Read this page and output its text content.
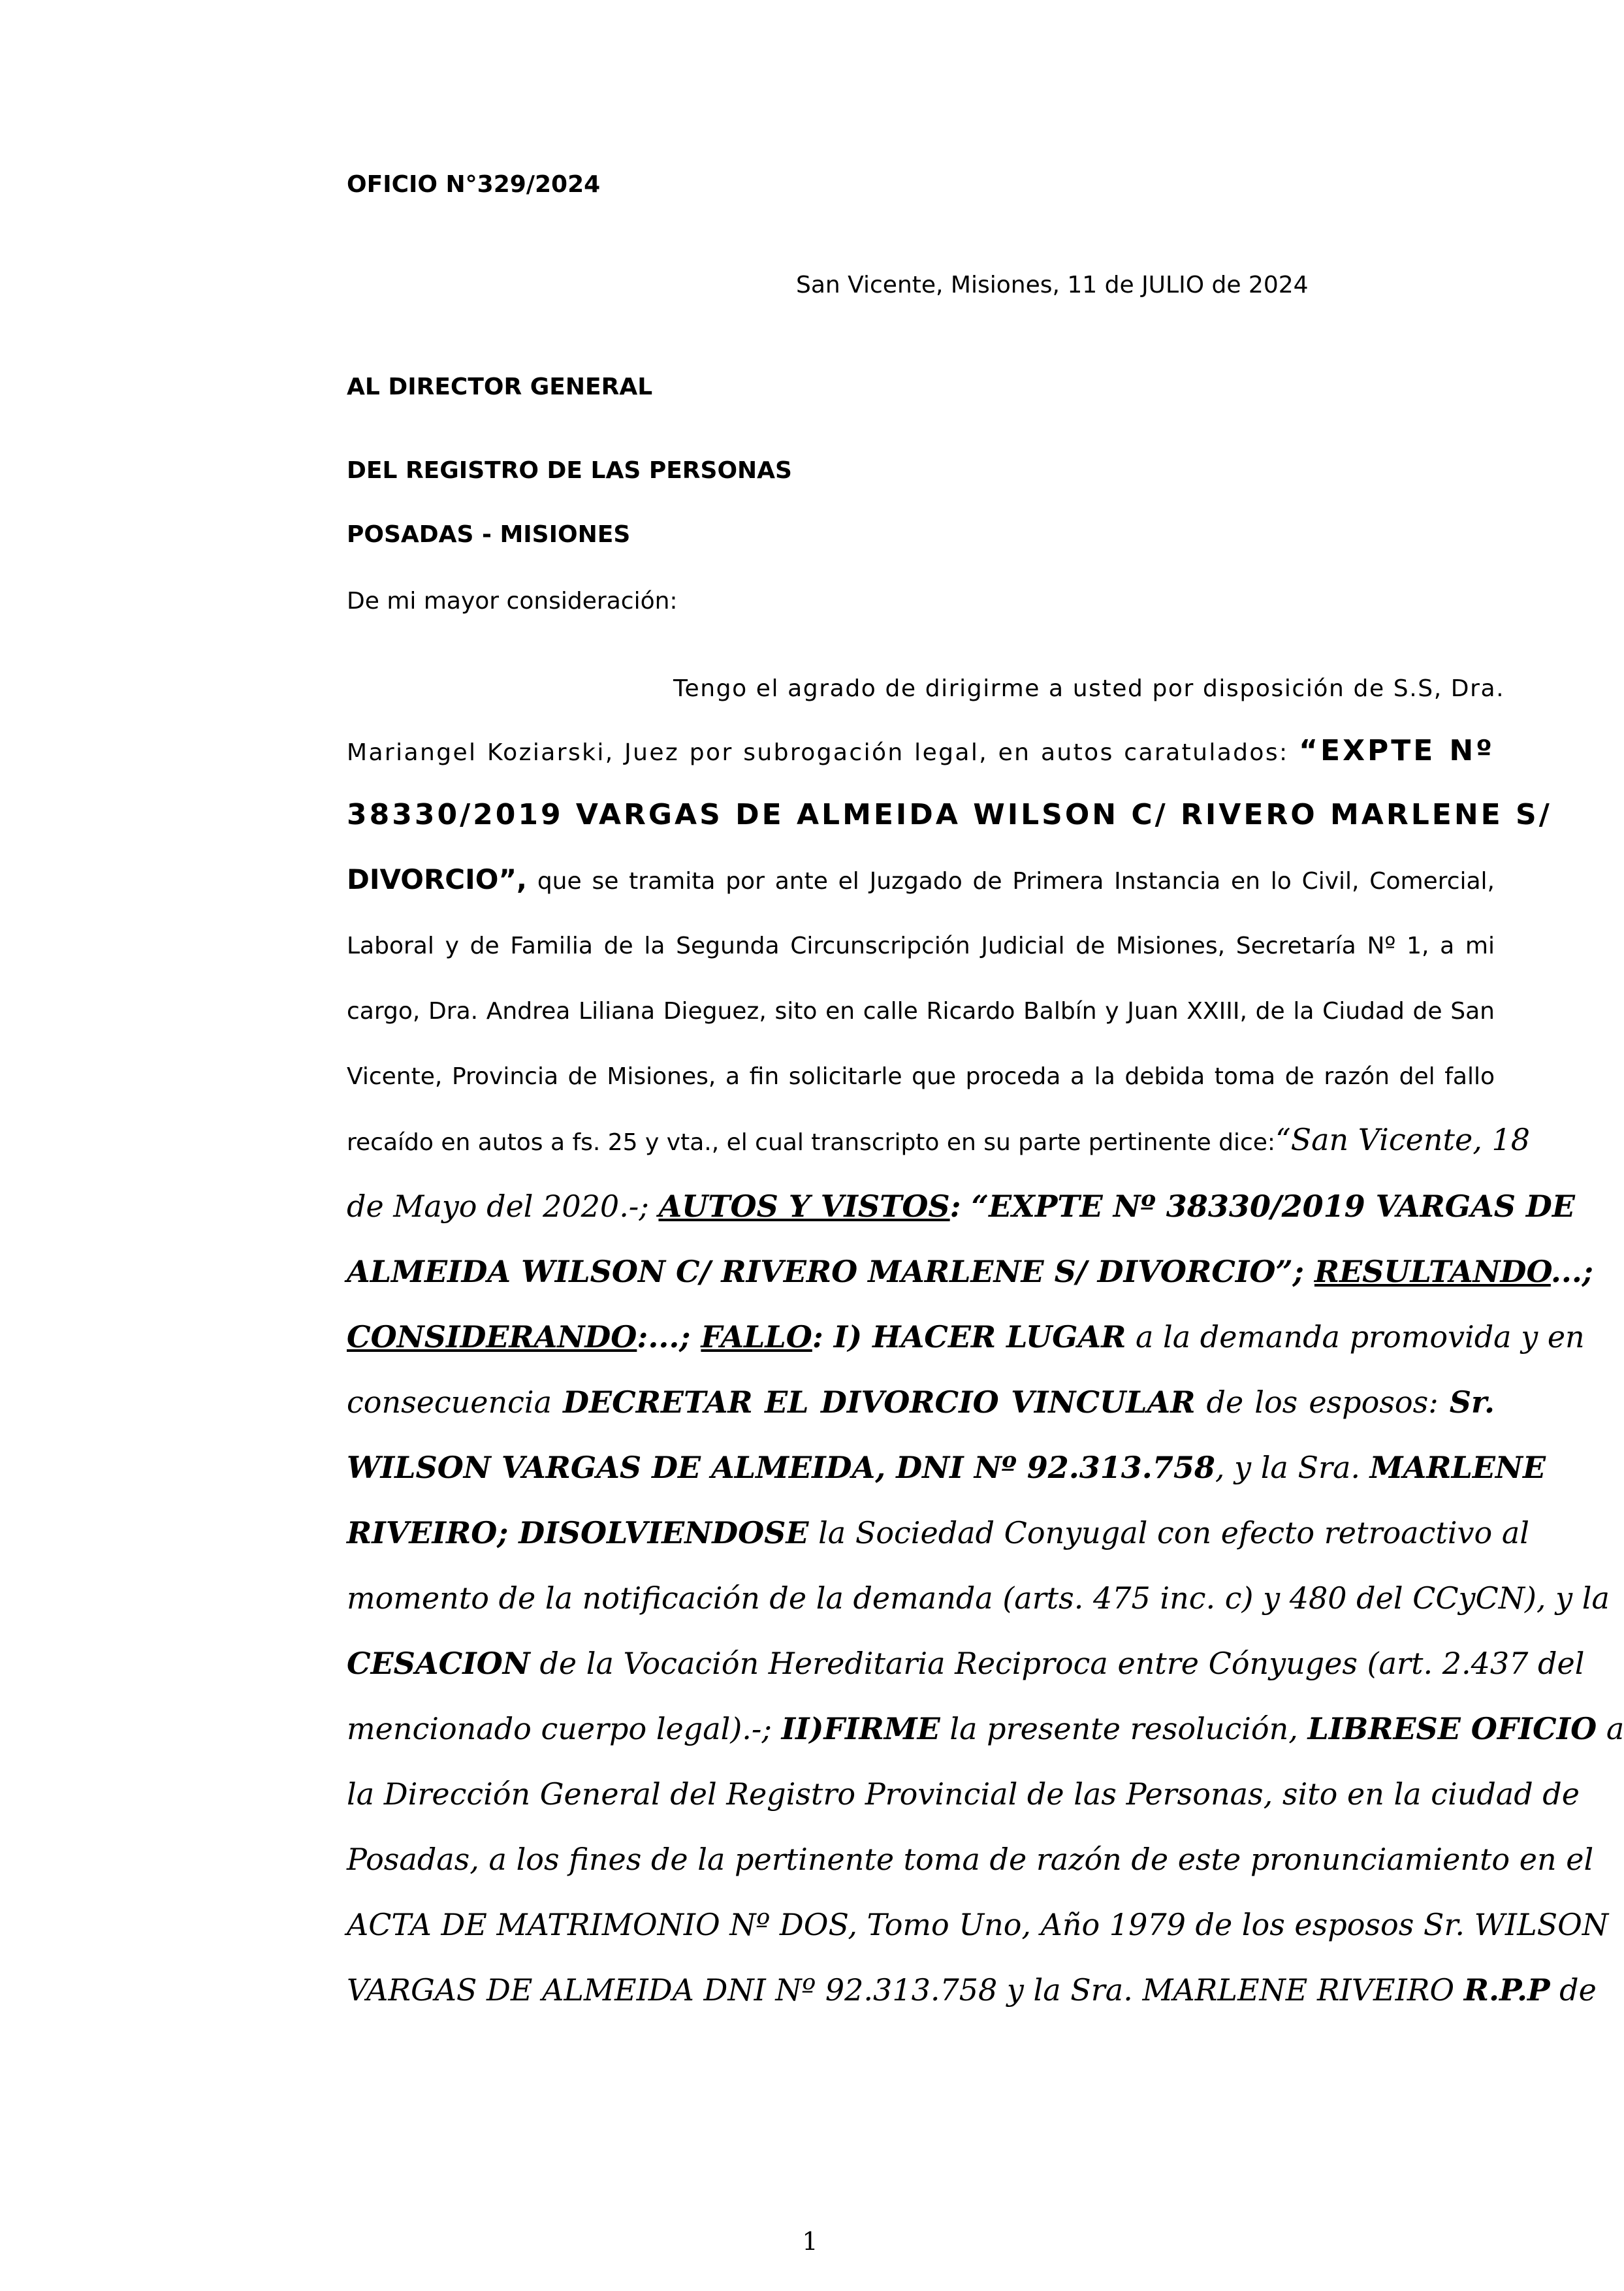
OFICIO N°329/2024
San Vicente, Misiones, 11 de JULIO de 2024
AL DIRECTOR GENERAL
DEL REGISTRO DE LAS PERSONAS
POSADAS - MISIONES
De mi mayor consideración:
Tengo el agrado de dirigirme a usted por disposición de S.S, Dra.
Mariangel Koziarski, Juez por subrogación legal, en autos caratulados: “EXPTE Nº
38330/2019 VARGAS DE ALMEIDA WILSON C/ RIVERO MARLENE S/
DIVORCIO”, que se tramita por ante el Juzgado de Primera Instancia en lo Civil, Comercial,
Laboral y de Familia de la Segunda Circunscripción Judicial de Misiones, Secretaría Nº 1, a mi
cargo, Dra. Andrea Liliana Dieguez, sito en calle Ricardo Balbín y Juan XXIII, de la Ciudad de San
Vicente, Provincia de Misiones, a fin solicitarle que proceda a la debida toma de razón del fallo
recaído en autos a fs. 25 y vta., el cual transcripto en su parte pertinente dice:“San Vicente, 18
de Mayo del 2020.-; AUTOS Y VISTOS: “EXPTE Nº 38330/2019 VARGAS DE
ALMEIDA WILSON C/ RIVERO MARLENE S/ DIVORCIO”; RESULTANDO...;
CONSIDERANDO:...; FALLO: I) HACER LUGAR a la demanda promovida y en
consecuencia DECRETAR EL DIVORCIO VINCULAR de los esposos: Sr.
WILSON VARGAS DE ALMEIDA, DNI Nº 92.313.758, y la Sra. MARLENE
RIVEIRO; DISOLVIENDOSE la Sociedad Conyugal con efecto retroactivo al
momento de la notificación de la demanda (arts. 475 inc. c) y 480 del CCyCN), y la
CESACION de la Vocación Hereditaria Reciproca entre Cónyuges (art. 2.437 del
mencionado cuerpo legal).-; II)FIRME la presente resolución, LIBRESE OFICIO a
la Dirección General del Registro Provincial de las Personas, sito en la ciudad de
Posadas, a los fines de la pertinente toma de razón de este pronunciamiento en el
ACTA DE MATRIMONIO Nº DOS, Tomo Uno, Año 1979 de los esposos Sr. WILSON
VARGAS DE ALMEIDA DNI Nº 92.313.758 y la Sra. MARLENE RIVEIRO R.P.P de
1
